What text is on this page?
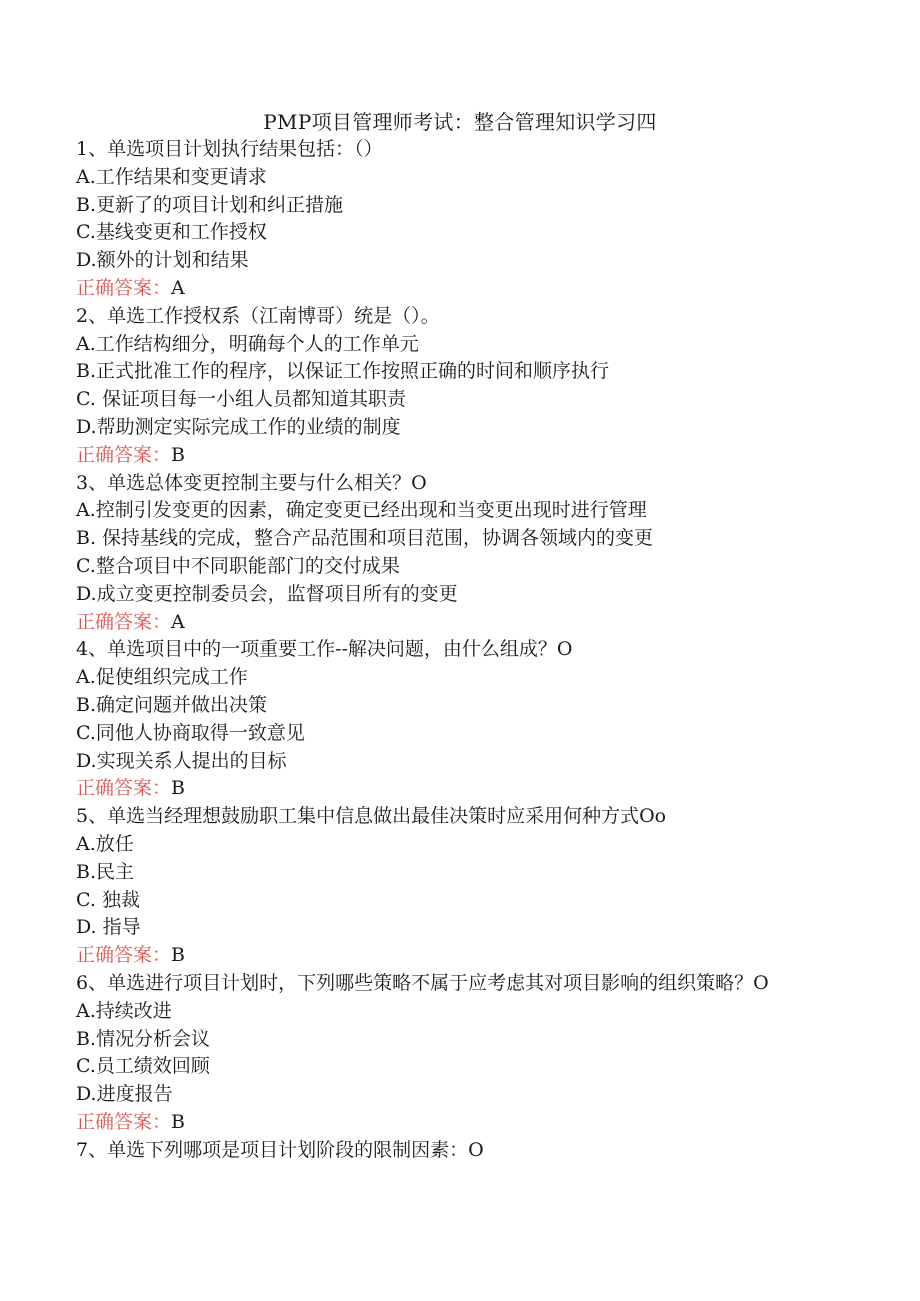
PMP项目管理师考试：整合管理知识学习四
1、单选项目计划执行结果包括：（）
A.工作结果和变更请求
B.更新了的项目计划和纠正措施
C.基线变更和工作授权
D.额外的计划和结果
正确答案：A
2、单选工作授权系（江南博哥）统是（）。
A.工作结构细分，明确每个人的工作单元
B.正式批准工作的程序，以保证工作按照正确的时间和顺序执行
C. 保证项目每一小组人员都知道其职责
D.帮助测定实际完成工作的业绩的制度
正确答案：B
3、单选总体变更控制主要与什么相关？O
A.控制引发变更的因素，确定变更已经出现和当变更出现时进行管理
B. 保持基线的完成，整合产品范围和项目范围，协调各领域内的变更
C.整合项目中不同职能部门的交付成果
D.成立变更控制委员会，监督项目所有的变更
正确答案：A
4、单选项目中的一项重要工作--解决问题，由什么组成？O
A.促使组织完成工作
B.确定问题并做出决策
C.同他人协商取得一致意见
D.实现关系人提出的目标
正确答案：B
5、单选当经理想鼓励职工集中信息做出最佳决策时应采用何种方式Oo
A.放任
B.民主
C. 独裁
D. 指导
正确答案：B
6、单选进行项目计划时，下列哪些策略不属于应考虑其对项目影响的组织策略？O
A.持续改进
B.情况分析会议
C.员工绩效回顾
D.进度报告
正确答案：B
7、单选下列哪项是项目计划阶段的限制因素：O
